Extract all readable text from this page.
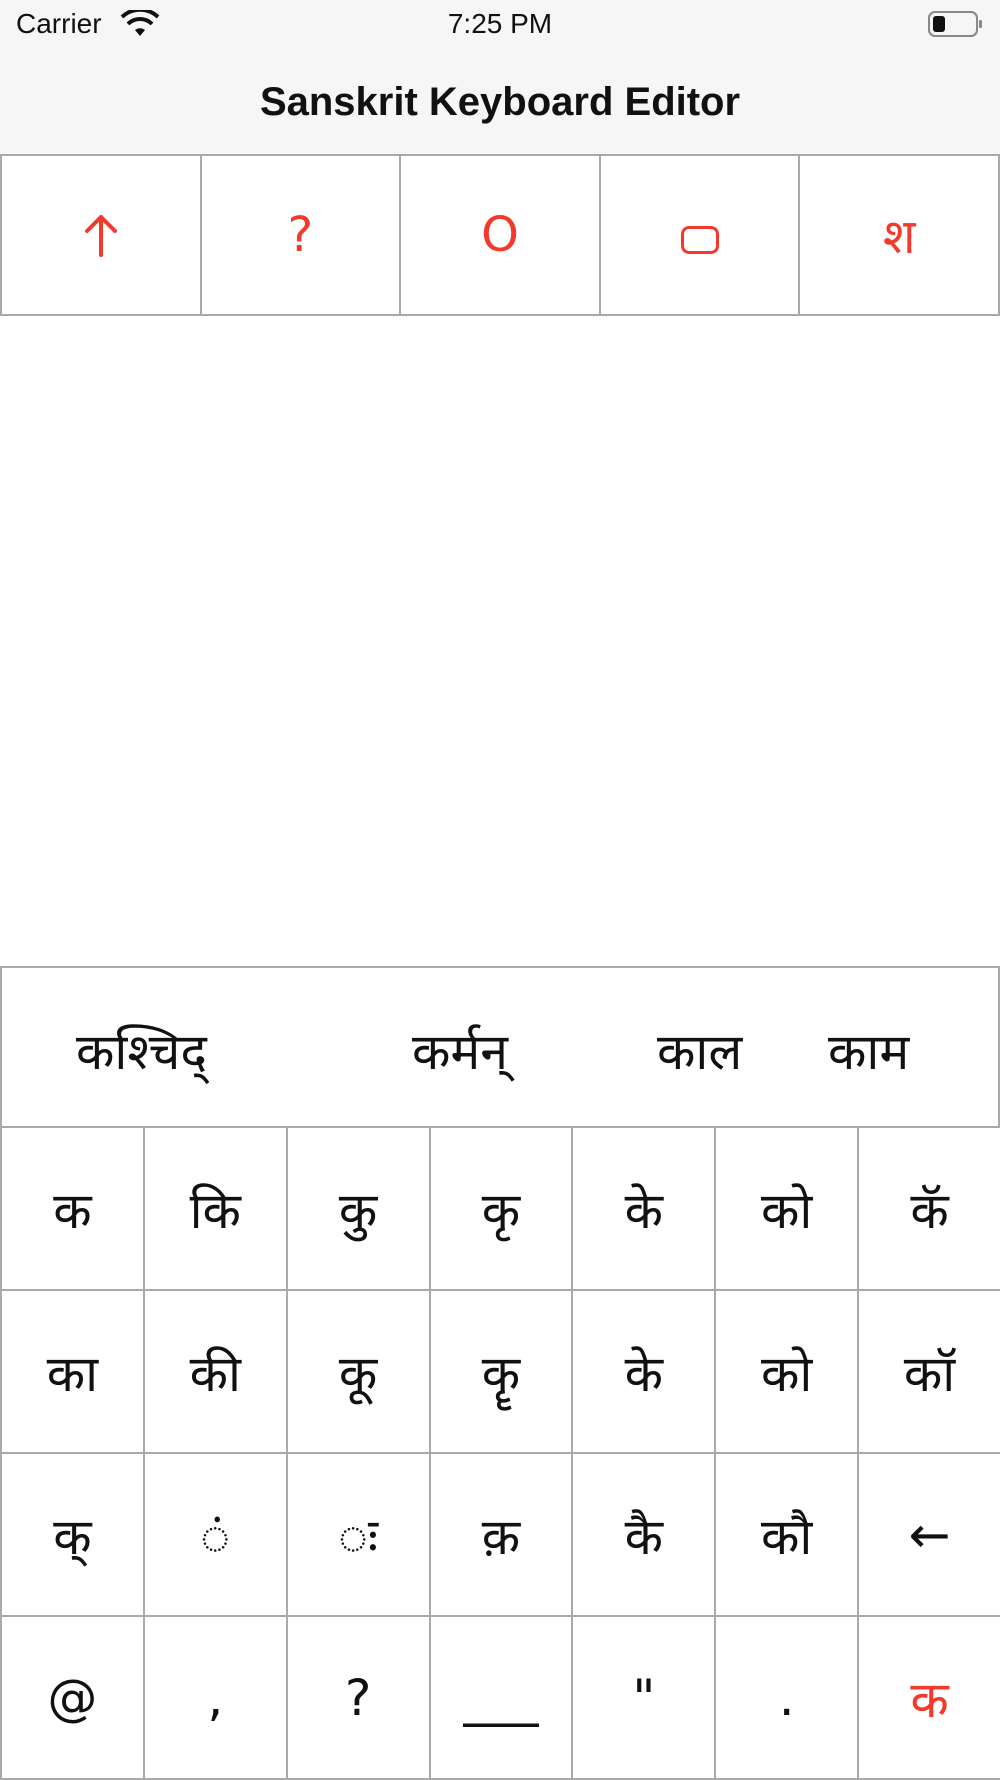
Carrier	7:25 PM
Sanskrit Keyboard Editor
?	O	श
कश्चिद्	कर्मन्	काल काम
क	कि	कु	कृ	के	को	कॅ
का	की	कू	कॄ	के	को	कॉ
क्	ं	ः	क़	कै	कौ	←
@	,	?	___	"	.	क
